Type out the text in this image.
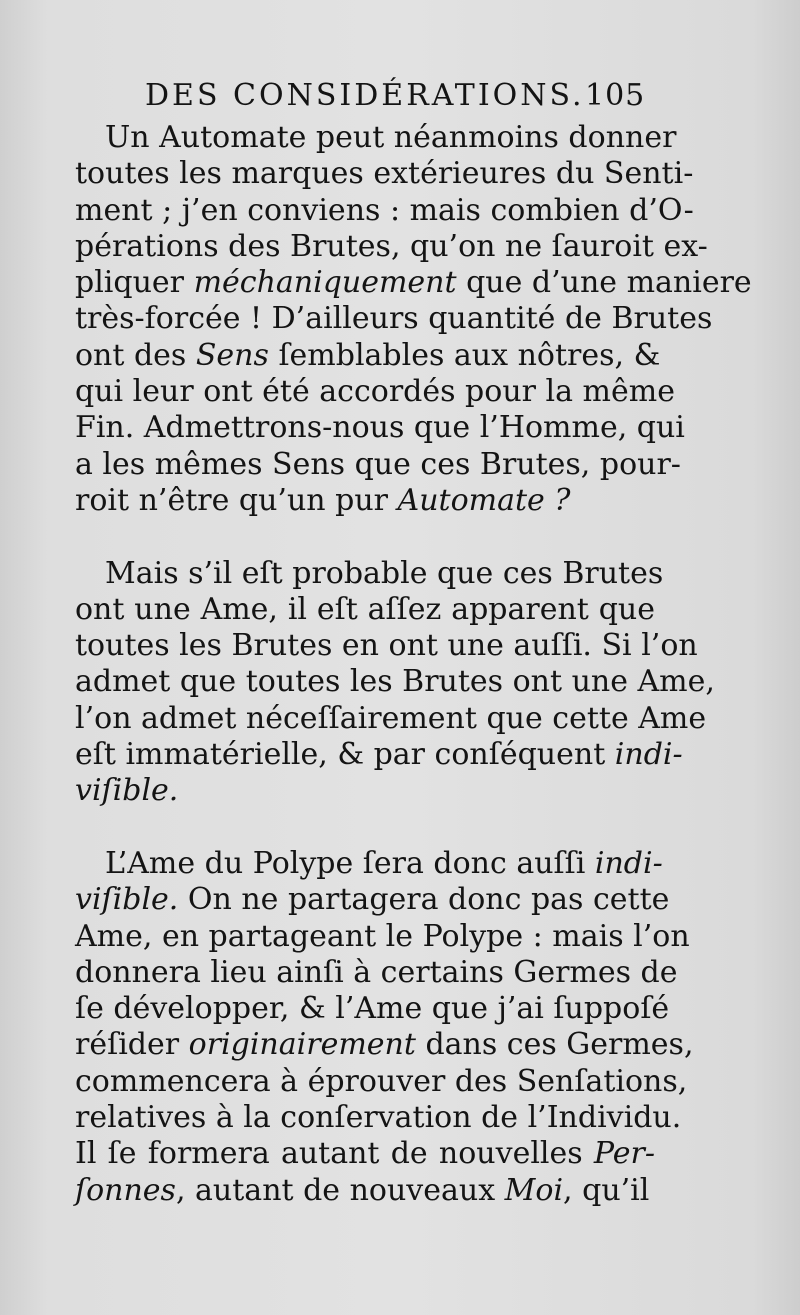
DES CONSIDÉRATIONS. 105
Un Automate peut néanmoins donner
toutes les marques extérieures du Senti-
ment ; j’en conviens : mais combien d’O-
pérations des Brutes, qu’on ne ſauroit ex-
pliquer méchaniquement que d’une maniere
très-forcée ! D’ailleurs quantité de Brutes
ont des Sens ſemblables aux nôtres, &
qui leur ont été accordés pour la même
Fin. Admettrons-nous que l’Homme, qui
a les mêmes Sens que ces Brutes, pour-
roit n’être qu’un pur Automate ?
Mais s’il eſt probable que ces Brutes
ont une Ame, il eſt aſſez apparent que
toutes les Brutes en ont une auſſi. Si l’on
admet que toutes les Brutes ont une Ame,
l’on admet néceſſairement que cette Ame
eſt immatérielle, & par conſéquent indi-
viſible.
L’Ame du Polype ſera donc auſſi indi-
viſible. On ne partagera donc pas cette
Ame, en partageant le Polype : mais l’on
donnera lieu ainſi à certains Germes de
ſe développer, & l’Ame que j’ai ſuppoſé
réſider originairement dans ces Germes,
commencera à éprouver des Senſations,
relatives à la conſervation de l’Individu.
Il ſe formera autant de nouvelles Per-
ſonnes, autant de nouveaux Moi, qu’il
